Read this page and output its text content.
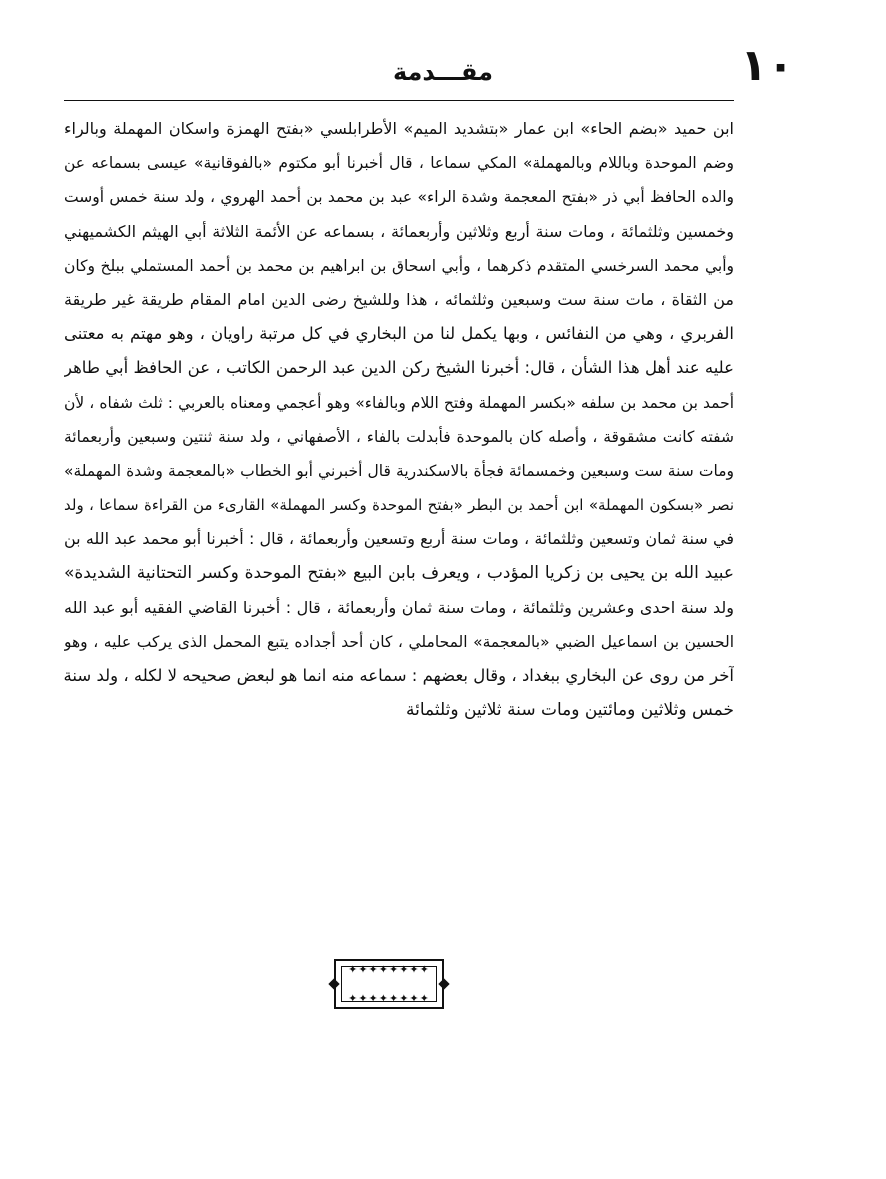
١٠
مقـــدمة
ابن حميد «بضم الحاء» ابن عمار «بتشديد الميم» الأطرابلسي «بفتح الهمزة واسكان المهملة وبالراء
وضم الموحدة وباللام وبالمهملة» المكي سماعا ، قال أخبرنا أبو مكتوم «بالفوقانية» عيسى بسماعه عن
والده الحافظ أبي ذر «بفتح المعجمة وشدة الراء» عبد بن محمد بن أحمد الهروي ، ولد سنة خمس أوست
وخمسين وثلثمائة ، ومات سنة أربع وثلاثين وأربعمائة ، بسماعه عن الأئمة الثلاثة أبي الهيثم الكشميهني
وأبي محمد السرخسي المتقدم ذكرهما ، وأبي اسحاق بن ابراهيم بن محمد بن أحمد المستملي ببلخ وكان
من الثقاة ، مات سنة ست وسبعين وثلثمائه ، هذا وللشيخ رضى الدين امام المقام طريقة غير طريقة
الفربري ، وهي من النفائس ، وبها يكمل لنا من البخاري في كل مرتبة راويان ، وهو مهتم به معتنى
عليه عند أهل هذا الشأن ، قال: أخبرنا الشيخ ركن الدين عبد الرحمن الكاتب ، عن الحافظ أبي طاهر
أحمد بن محمد بن سلفه «بكسر المهملة وفتح اللام وبالفاء» وهو أعجمي ومعناه بالعربي : ثلث شفاه ، لأن
شفته كانت مشقوقة ، وأصله كان بالموحدة فأبدلت بالفاء ، الأصفهاني ، ولد سنة ثنتين وسبعين وأربعمائة
ومات سنة ست وسبعين وخمسمائة فجأة بالاسكندرية قال أخبرني أبو الخطاب «بالمعجمة وشدة المهملة»
نصر «بسكون المهملة» ابن أحمد بن البطر «بفتح الموحدة وكسر المهملة» القارىء من القراءة سماعا ، ولد
في سنة ثمان وتسعين وثلثمائة ، ومات سنة أربع وتسعين وأربعمائة ، قال : أخبرنا أبو محمد عبد الله بن
عبيد الله بن يحيى بن زكريا المؤدب ، ويعرف بابن البيع «بفتح الموحدة وكسر التحتانية الشديدة»
ولد سنة احدى وعشرين وثلثمائة ، ومات سنة ثمان وأربعمائة ، قال : أخبرنا القاضي الفقيه أبو عبد الله
الحسين بن اسماعيل الضبي «بالمعجمة» المحاملي ، كان أحد أجداده يتبع المحمل الذى يركب عليه ، وهو
آخر من روى عن البخاري ببغداد ، وقال بعضهم : سماعه منه انما هو لبعض صحيحه لا لكله ، ولد سنة
خمس وثلاثين ومائتين ومات سنة ثلاثين وثلثمائة
✦✦✦✦✦✦✦✦
✦✦✦✦✦✦✦✦
